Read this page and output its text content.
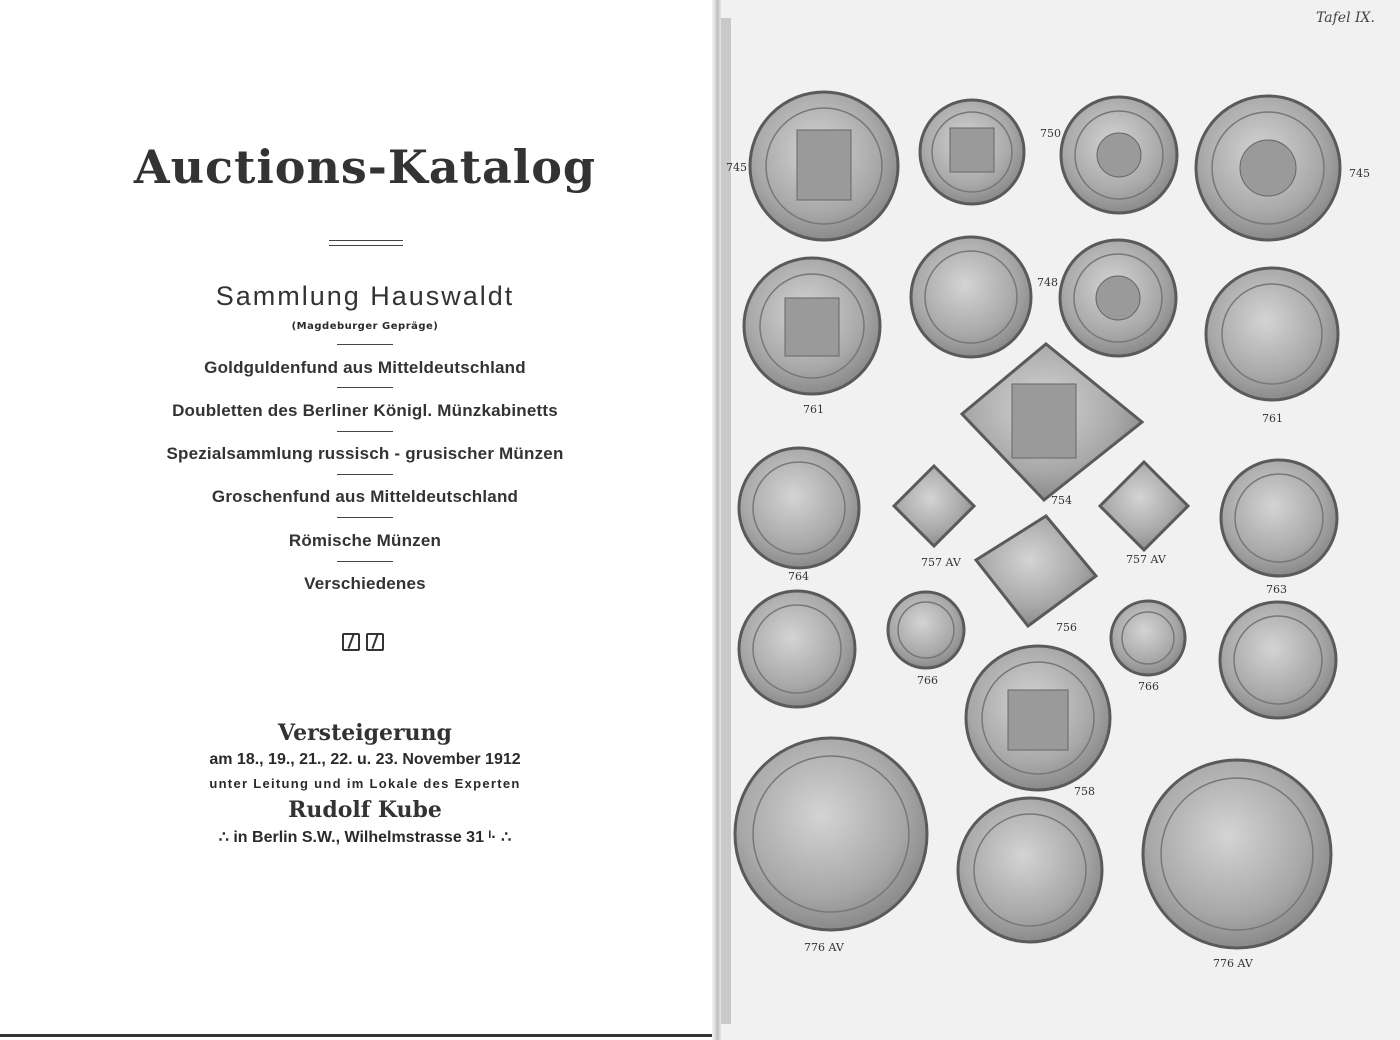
Auctions-Katalog
Sammlung Hauswaldt
(Magdeburger Gepräge)
Goldguldenfund aus Mitteldeutschland
Doubletten des Berliner Königl. Münzkabinetts
Spezialsammlung russisch - grusischer Münzen
Groschenfund aus Mitteldeutschland
Römische Münzen
Verschiedenes
Versteigerung
am 18., 19., 21., 22. u. 23. November 1912
unter Leitung und im Lokale des Experten
Rudolf Kube
∴ in Berlin S.W., Wilhelmstrasse 31 ᴵ· ∴
Tafel IX.
745
750
745
761
748
761
754
764
757 AV	757 AV
763
756
766	766
758
776 AV
776 AV
